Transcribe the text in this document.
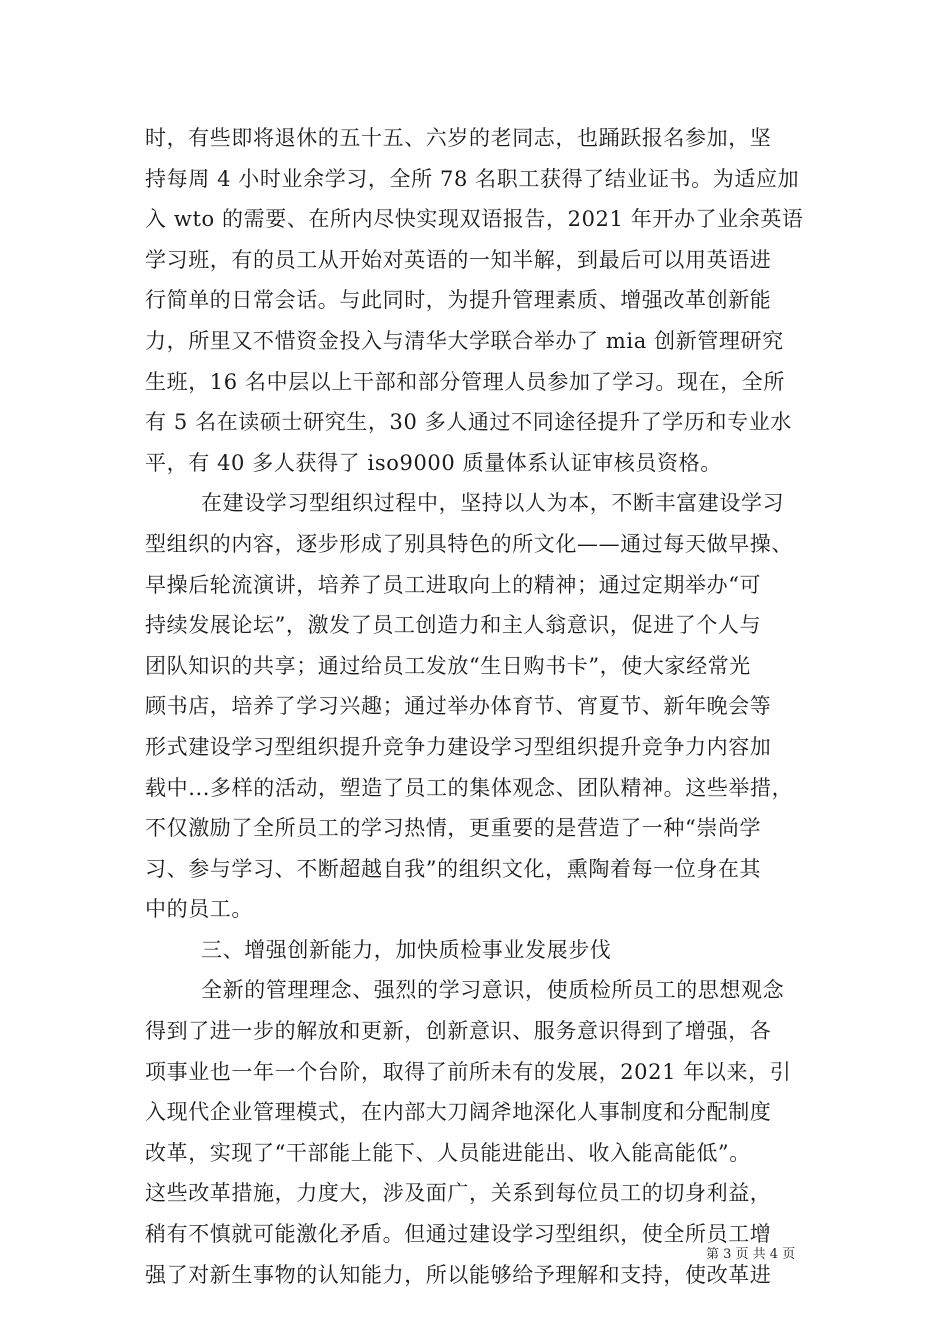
时，有些即将退休的五十五、六岁的老同志，也踊跃报名参加，坚
持每周 4 小时业余学习，全所 78 名职工获得了结业证书。为适应加
入 wto 的需要、在所内尽快实现双语报告，2021 年开办了业余英语
学习班，有的员工从开始对英语的一知半解，到最后可以用英语进
行简单的日常会话。与此同时，为提升管理素质、增强改革创新能
力，所里又不惜资金投入与清华大学联合举办了 mia 创新管理研究
生班，16 名中层以上干部和部分管理人员参加了学习。现在，全所
有 5 名在读硕士研究生，30 多人通过不同途径提升了学历和专业水
平，有 40 多人获得了 iso9000 质量体系认证审核员资格。
在建设学习型组织过程中，坚持以人为本，不断丰富建设学习
型组织的内容，逐步形成了别具特色的所文化——通过每天做早操、
早操后轮流演讲，培养了员工进取向上的精神；通过定期举办“可
持续发展论坛”，激发了员工创造力和主人翁意识，促进了个人与
团队知识的共享；通过给员工发放“生日购书卡”，使大家经常光
顾书店，培养了学习兴趣；通过举办体育节、宵夏节、新年晚会等
形式建设学习型组织提升竞争力建设学习型组织提升竞争力内容加
载中...多样的活动，塑造了员工的集体观念、团队精神。这些举措，
不仅激励了全所员工的学习热情，更重要的是营造了一种“崇尚学
习、参与学习、不断超越自我”的组织文化，熏陶着每一位身在其
中的员工。
三、增强创新能力，加快质检事业发展步伐
全新的管理理念、强烈的学习意识，使质检所员工的思想观念
得到了进一步的解放和更新，创新意识、服务意识得到了增强，各
项事业也一年一个台阶，取得了前所未有的发展，2021 年以来，引
入现代企业管理模式，在内部大刀阔斧地深化人事制度和分配制度
改革，实现了“干部能上能下、人员能进能出、收入能高能低”。
这些改革措施，力度大，涉及面广，关系到每位员工的切身利益，
稍有不慎就可能激化矛盾。但通过建设学习型组织，使全所员工增
强了对新生事物的认知能力，所以能够给予理解和支持，使改革进
第 3 页 共 4 页
